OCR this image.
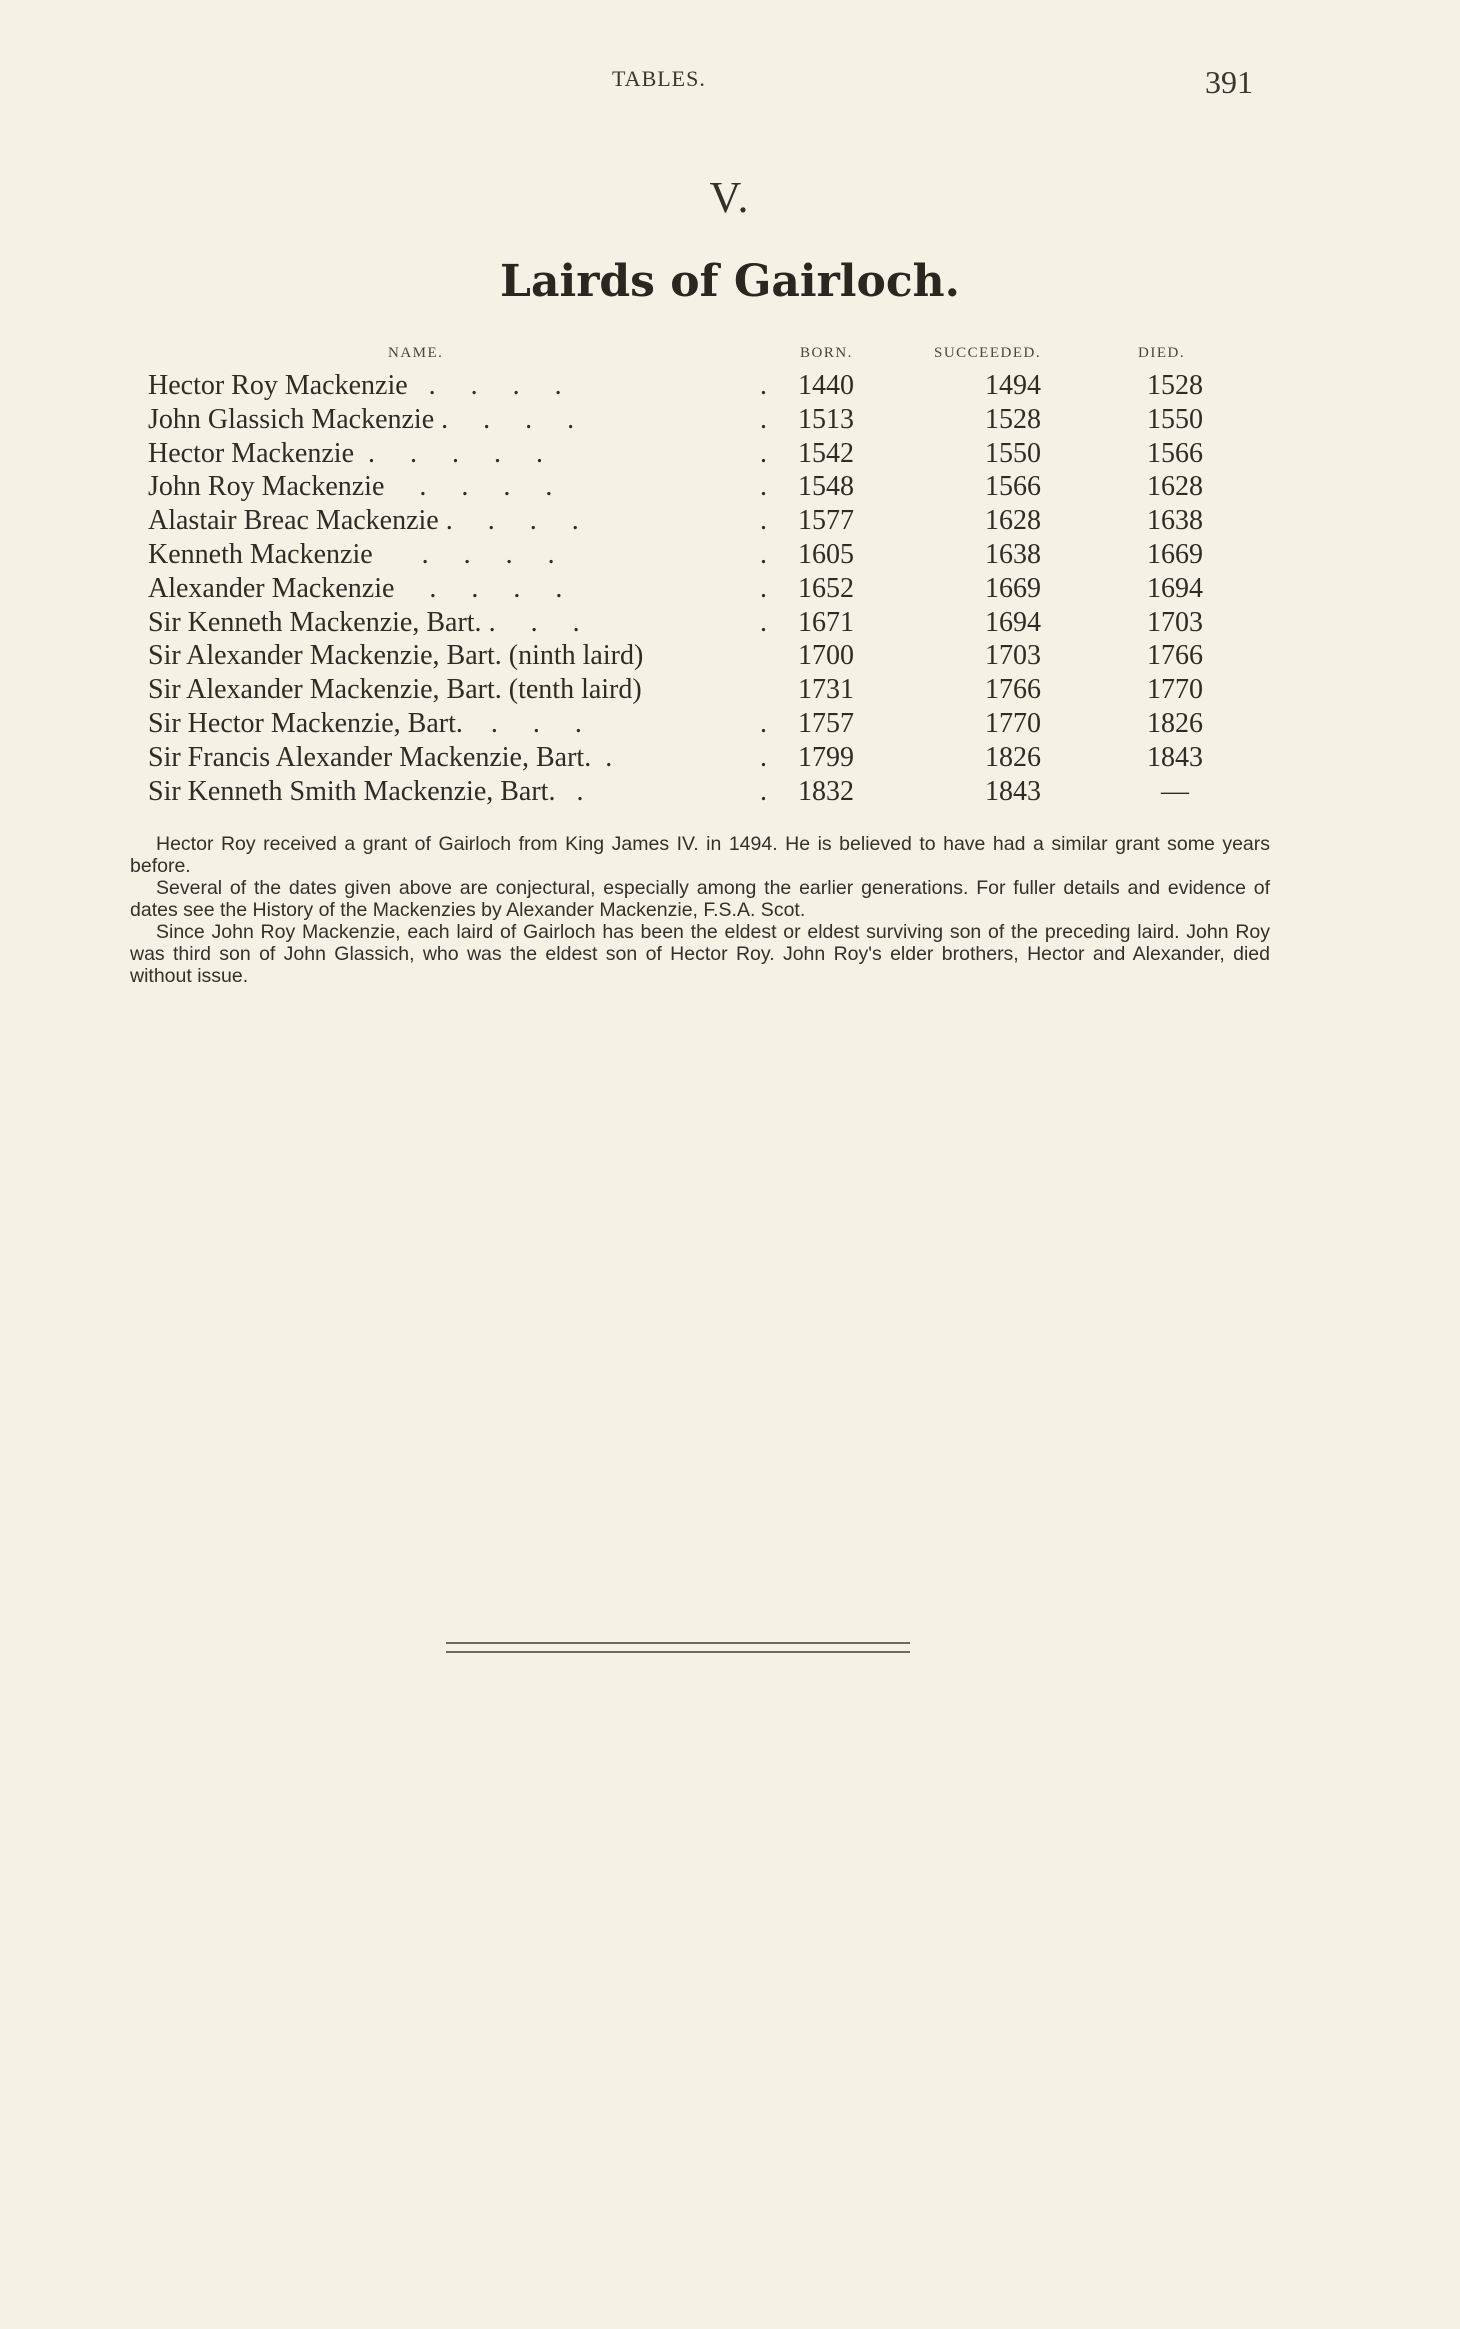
TABLES.	391
V.
Lairds of Gairloch.
NAME.	BORN.	SUCCEEDED.	DIED.
Hector Roy Mackenzie   .     .     .     .	1440	1494	1528
.
John Glassich Mackenzie .     .     .     .	1513	1528	1550
.
Hector Mackenzie  .     .     .     .     .	1542	1550	1566
.
John Roy Mackenzie     .     .     .     .	1548	1566	1628
.
Alastair Breac Mackenzie .     .     .     .	1577	1628	1638
.
Kenneth Mackenzie       .     .     .     .	1605	1638	1669
.
Alexander Mackenzie     .     .     .     .	1652	1669	1694
.
Sir Kenneth Mackenzie, Bart. .     .     .	1671	1694	1703
.
Sir Alexander Mackenzie, Bart. (ninth laird)	1700	1703	1766
Sir Alexander Mackenzie, Bart. (tenth laird)	1731	1766	1770
Sir Hector Mackenzie, Bart.    .     .     .	1757	1770	1826
.
Sir Francis Alexander Mackenzie, Bart.  .	1799	1826	1843
.
Sir Kenneth Smith Mackenzie, Bart.   .	1832	1843	—
.

Hector Roy received a grant of Gairloch from King James IV. in 1494. He is believed to have had a similar grant some years before.

Several of the dates given above are conjectural, especially among the earlier generations. For fuller details and evidence of dates see the History of the Mackenzies by Alexander Mackenzie, F.S.A. Scot.

Since John Roy Mackenzie, each laird of Gairloch has been the eldest or eldest surviving son of the preceding laird. John Roy was third son of John Glassich, who was the eldest son of Hector Roy. John Roy's elder brothers, Hector and Alexander, died without issue.
